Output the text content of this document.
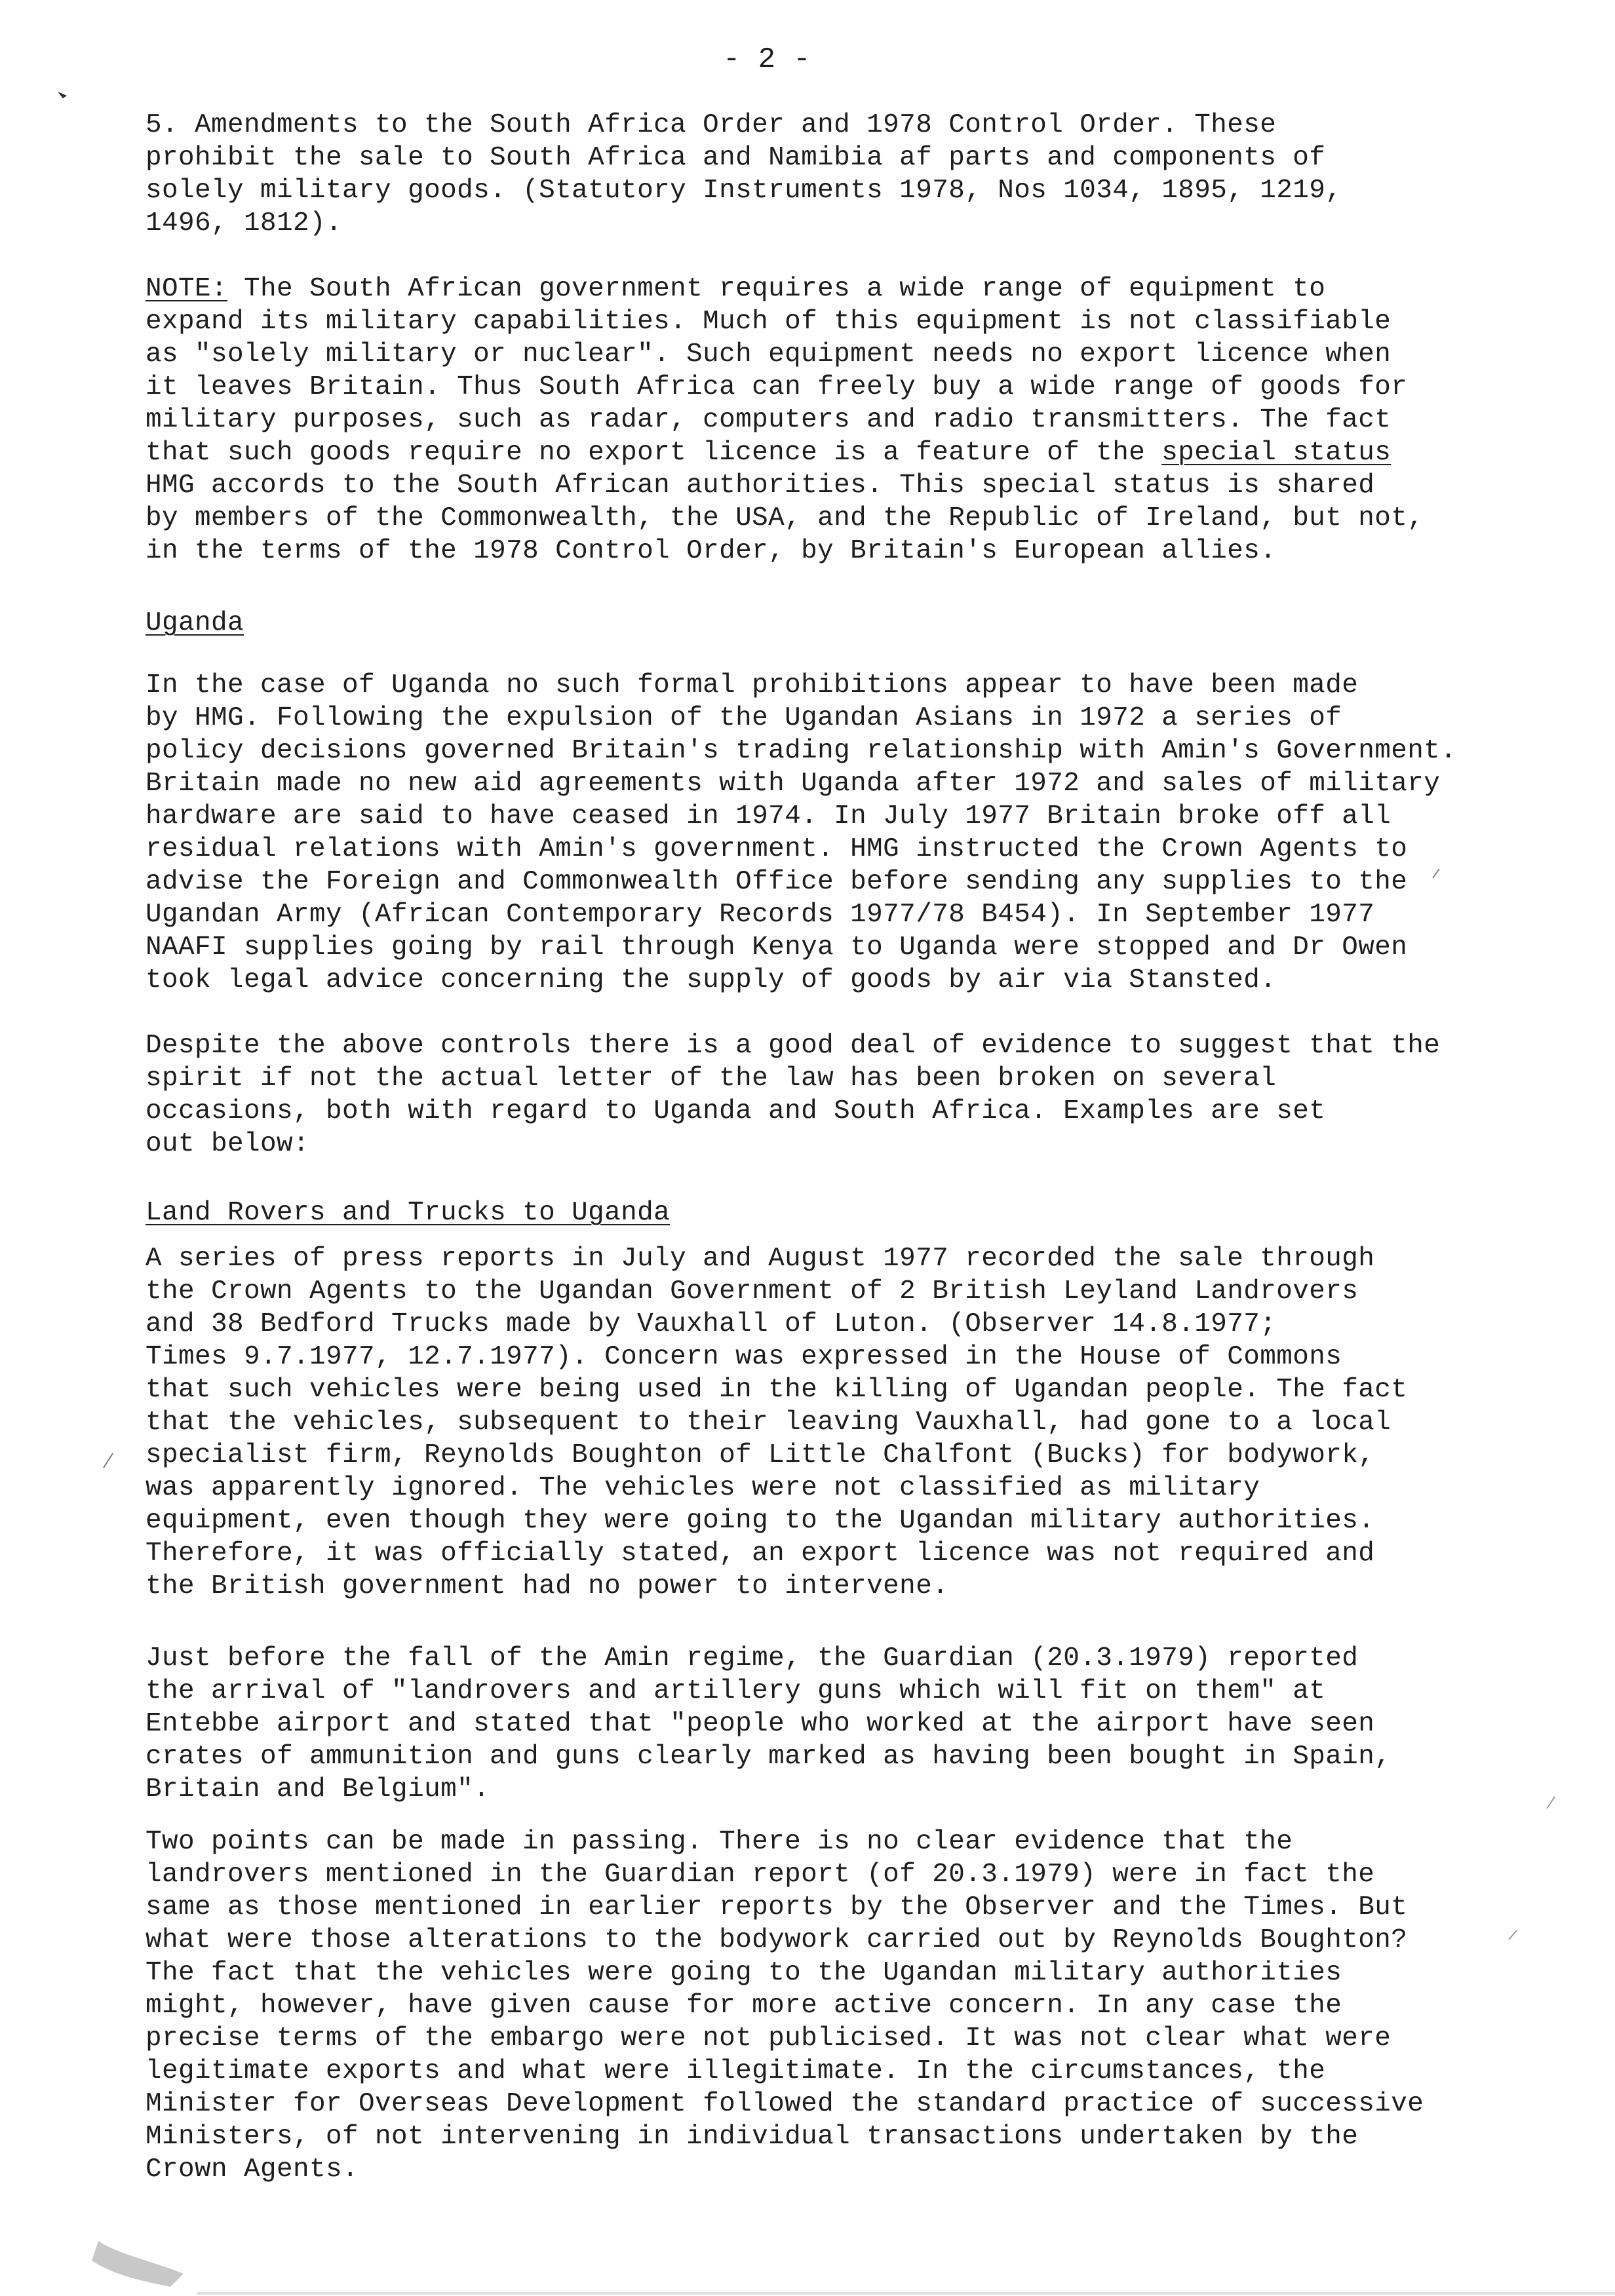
- 2 -
5. Amendments to the South Africa Order and 1978 Control Order. These
prohibit the sale to South Africa and Namibia af parts and components of
solely military goods. (Statutory Instruments 1978, Nos 1034, 1895, 1219,
1496, 1812).
NOTE: The South African government requires a wide range of equipment to
expand its military capabilities. Much of this equipment is not classifiable
as "solely military or nuclear". Such equipment needs no export licence when
it leaves Britain. Thus South Africa can freely buy a wide range of goods for
military purposes, such as radar, computers and radio transmitters. The fact
that such goods require no export licence is a feature of the special status
HMG accords to the South African authorities. This special status is shared
by members of the Commonwealth, the USA, and the Republic of Ireland, but not,
in the terms of the 1978 Control Order, by Britain's European allies.
Uganda
In the case of Uganda no such formal prohibitions appear to have been made
by HMG. Following the expulsion of the Ugandan Asians in 1972 a series of
policy decisions governed Britain's trading relationship with Amin's Government.
Britain made no new aid agreements with Uganda after 1972 and sales of military
hardware are said to have ceased in 1974. In July 1977 Britain broke off all
residual relations with Amin's government. HMG instructed the Crown Agents to
advise the Foreign and Commonwealth Office before sending any supplies to the
Ugandan Army (African Contemporary Records 1977/78 B454). In September 1977
NAAFI supplies going by rail through Kenya to Uganda were stopped and Dr Owen
took legal advice concerning the supply of goods by air via Stansted.
Despite the above controls there is a good deal of evidence to suggest that the
spirit if not the actual letter of the law has been broken on several
occasions, both with regard to Uganda and South Africa. Examples are set
out below:
Land Rovers and Trucks to Uganda
A series of press reports in July and August 1977 recorded the sale through
the Crown Agents to the Ugandan Government of 2 British Leyland Landrovers
and 38 Bedford Trucks made by Vauxhall of Luton. (Observer 14.8.1977;
Times 9.7.1977, 12.7.1977). Concern was expressed in the House of Commons
that such vehicles were being used in the killing of Ugandan people. The fact
that the vehicles, subsequent to their leaving Vauxhall, had gone to a local
specialist firm, Reynolds Boughton of Little Chalfont (Bucks) for bodywork,
was apparently ignored. The vehicles were not classified as military
equipment, even though they were going to the Ugandan military authorities.
Therefore, it was officially stated, an export licence was not required and
the British government had no power to intervene.
Just before the fall of the Amin regime, the Guardian (20.3.1979) reported
the arrival of "landrovers and artillery guns which will fit on them" at
Entebbe airport and stated that "people who worked at the airport have seen
crates of ammunition and guns clearly marked as having been bought in Spain,
Britain and Belgium".
Two points can be made in passing. There is no clear evidence that the
landrovers mentioned in the Guardian report (of 20.3.1979) were in fact the
same as those mentioned in earlier reports by the Observer and the Times. But
what were those alterations to the bodywork carried out by Reynolds Boughton?
The fact that the vehicles were going to the Ugandan military authorities
might, however, have given cause for more active concern. In any case the
precise terms of the embargo were not publicised. It was not clear what were
legitimate exports and what were illegitimate. In the circumstances, the
Minister for Overseas Development followed the standard practice of successive
Ministers, of not intervening in individual transactions undertaken by the
Crown Agents.
